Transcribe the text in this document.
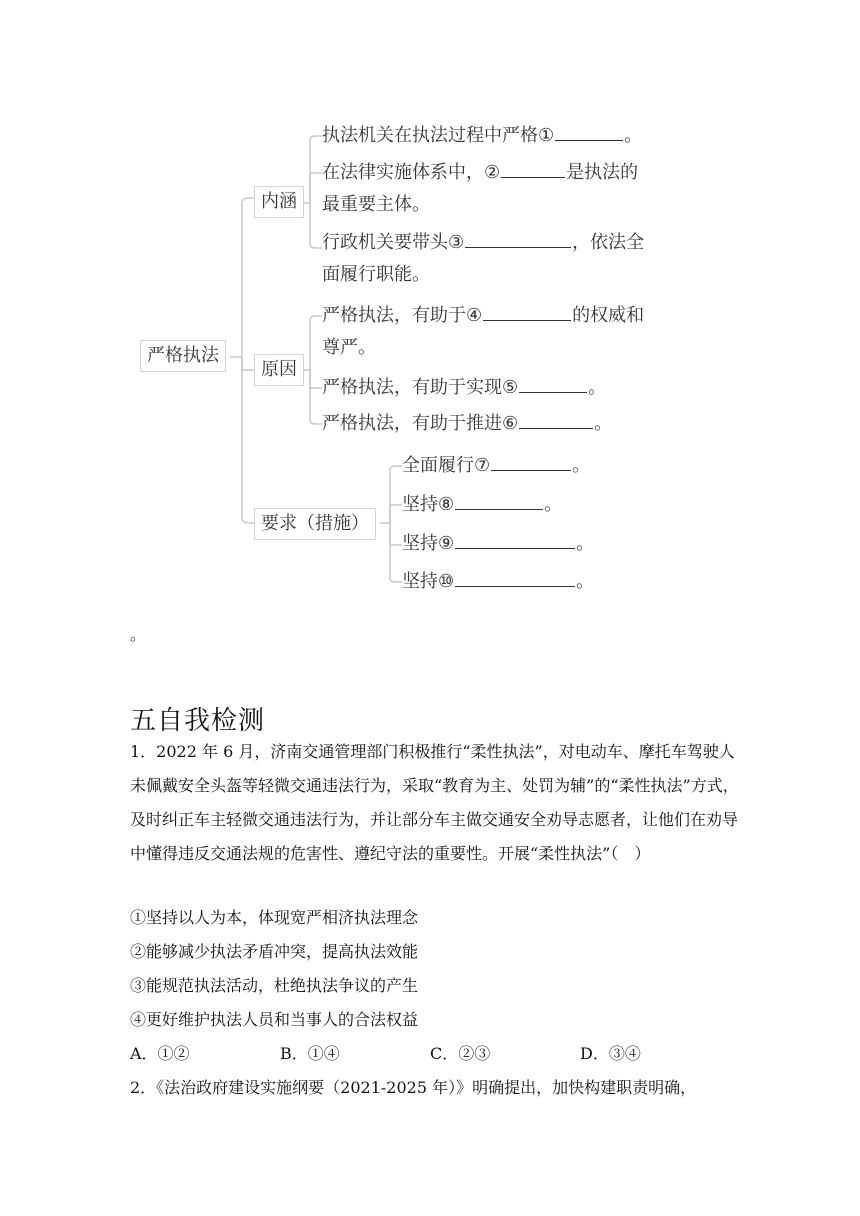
严格执法
内涵
原因
要求（措施）
执法机关在执法过程中严格①	。
在法律实施体系中，②	是执法的
最重要主体。
行政机关要带头③	，依法全
面履行职能。
严格执法，有助于④	的权威和
尊严。
严格执法，有助于实现⑤	。
严格执法，有助于推进⑥	。
全面履行⑦	。
坚持⑧	。
坚持⑨	。
坚持⑩	。
。
五自我检测
1．2022 年 6 月，济南交通管理部门积极推行“柔性执法”，对电动车、摩托车驾驶人未佩戴安全头盔等轻微交通违法行为，采取“教育为主、处罚为辅”的“柔性执法”方式，及时纠正车主轻微交通违法行为，并让部分车主做交通安全劝导志愿者，让他们在劝导中懂得违反交通法规的危害性、遵纪守法的重要性。开展“柔性执法”（　）
①坚持以人为本，体现宽严相济执法理念
②能够减少执法矛盾冲突，提高执法效能
③能规范执法活动，杜绝执法争议的产生
④更好维护执法人员和当事人的合法权益
A．①②	B．①④	C．②③	D．③④
2．《法治政府建设实施纲要（2021-2025 年）》明确提出，加快构建职责明确，
